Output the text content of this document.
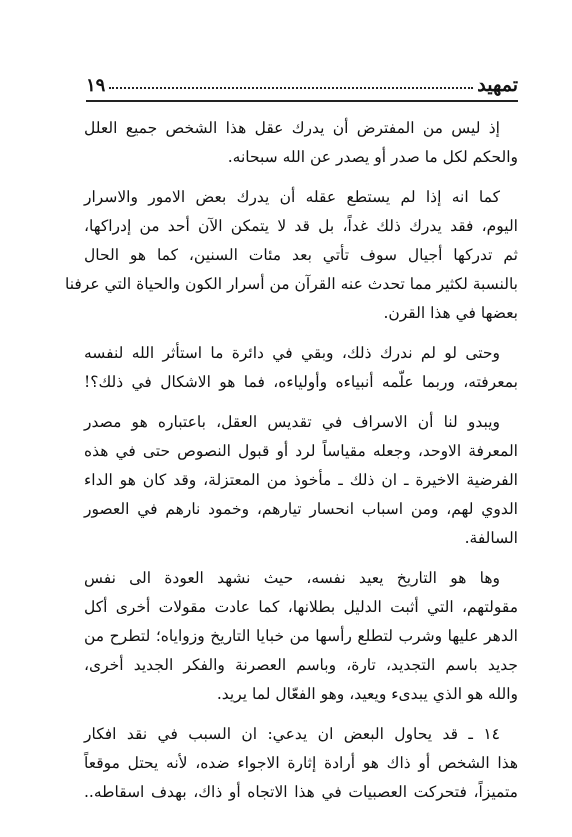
تمهيد
١٩

إذ ليس من المفترض أن يدرك عقل هذا الشخص جميع العلل
والحكم لكل ما صدر أو يصدر عن الله سبحانه.

كما انه إذا لم يستطع عقله أن يدرك بعض الامور والاسرار
اليوم، فقد يدرك ذلك غداً، بل قد لا يتمكن الآن أحد من إدراكها،
ثم تدركها أجيال سوف تأتي بعد مئات السنين، كما هو الحال
بالنسبة لكثير مما تحدث عنه القرآن من أسرار الكون والحياة التي عرفنا
بعضها في هذا القرن.

وحتى لو لم ندرك ذلك، وبقي في دائرة ما استأثر الله لنفسه
بمعرفته، وربما علّمه أنبياءه وأولياءه، فما هو الاشكال في ذلك؟!

ويبدو لنا أن الاسراف في تقديس العقل، باعتباره هو مصدر
المعرفة الاوحد، وجعله مقياساً لرد أو قبول النصوص حتى في هذه
الفرضية الاخيرة ـ ان ذلك ـ مأخوذ من المعتزلة، وقد كان هو الداء
الدوي لهم، ومن اسباب انحسار تيارهم، وخمود نارهم في العصور
السالفة.

وها هو التاريخ يعيد نفسه، حيث نشهد العودة الى نفس
مقولتهم، التي أثبت الدليل بطلانها، كما عادت مقولات أخرى أكل
الدهر عليها وشرب لتطلع رأسها من خبايا التاريخ وزواياه؛ لتطرح من
جديد باسم التجديد، تارة، وباسم العصرنة والفكر الجديد أخرى،
والله هو الذي يبدىء ويعيد، وهو الفعّال لما يريد.

١٤ ـ قد يحاول البعض ان يدعي: ان السبب في نقد افكار
هذا الشخص أو ذاك هو أرادة إثارة الاجواء ضده، لأنه يحتل موقعاً
متميزاً، فتحركت العصبيات في هذا الاتجاه أو ذاك، بهدف اسقاطه..
